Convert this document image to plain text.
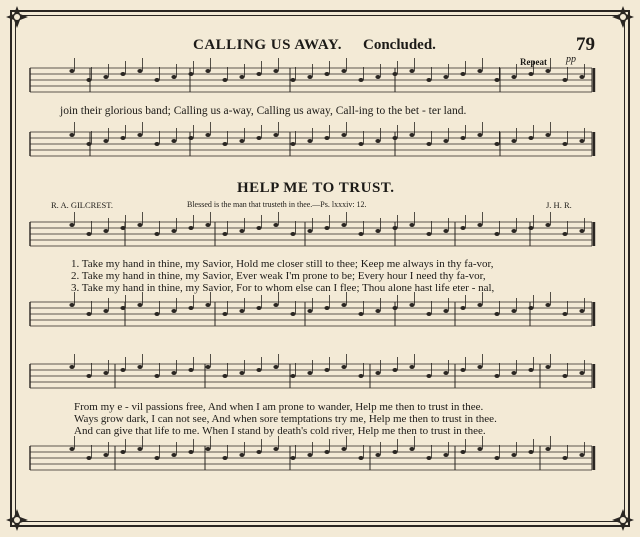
CALLING US AWAY. Concluded.	79
Repeat pp
join their glorious band; Calling us a-way, Calling us away, Call-ing to the bet - ter land.
HELP ME TO TRUST.
R. A. GILCREST.	Blessed is the man that trusteth in thee.—Ps. lxxxiv: 12.	J. H. R.
1. Take my hand in thine, my Savior, Hold me closer still to thee; Keep me always in thy fa-vor,
2. Take my hand in thine, my Savior, Ever weak I'm prone to be; Every hour I need thy fa-vor,
3. Take my hand in thine, my Savior, For to whom else can I flee; Thou alone hast life eter - nal,
From my e - vil passions free, And when I am prone to wander, Help me then to trust in thee.
Ways grow dark, I can not see, And when sore temptations try me, Help me then to trust in thee.
And can give that life to me. When I stand by death's cold river, Help me then to trust in thee.
